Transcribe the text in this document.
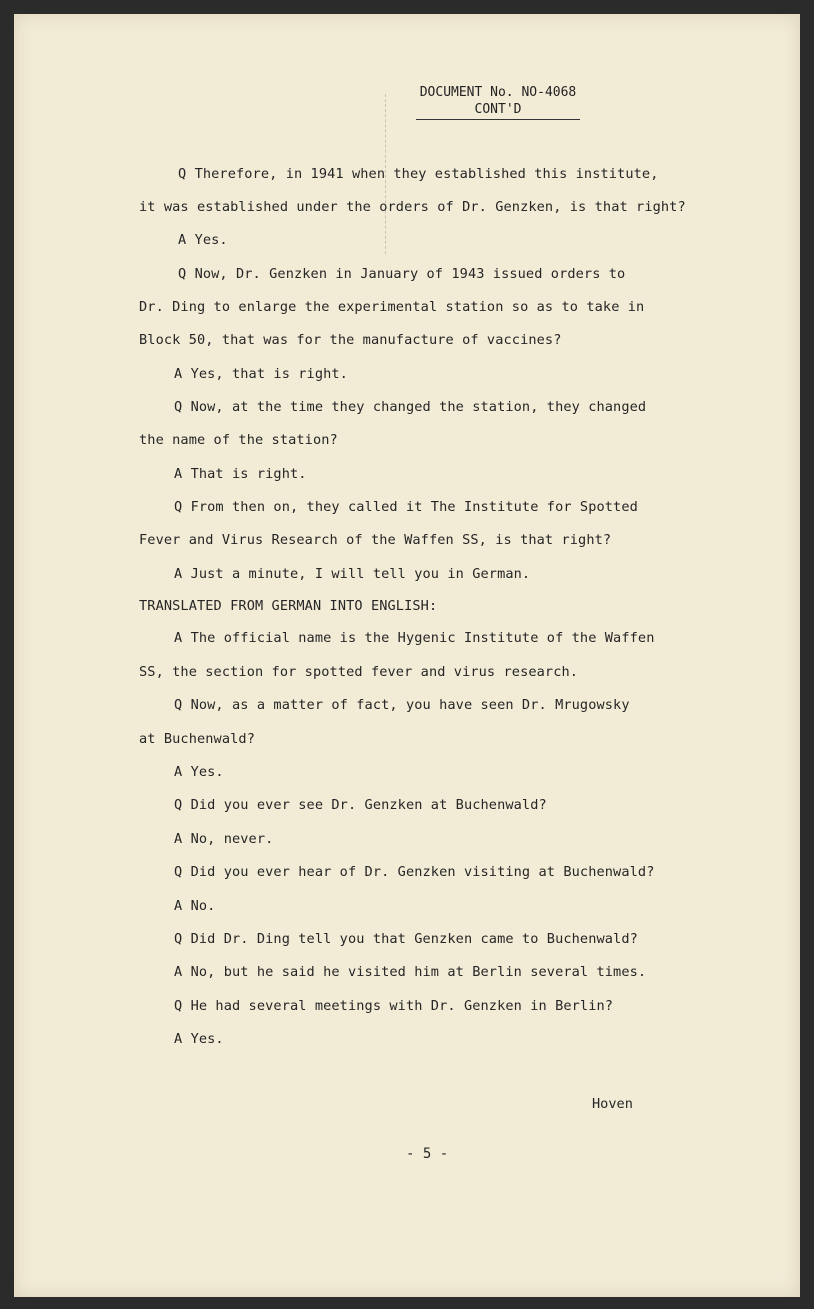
DOCUMENT No. NO-4068
CONT'D
Q Therefore, in 1941 when they established this institute,
it was established under the orders of Dr. Genzken, is that right?
A Yes.
Q Now, Dr. Genzken in January of 1943 issued orders to
Dr. Ding to enlarge the experimental station so as to take in
Block 50, that was for the manufacture of vaccines?
A Yes, that is right.
Q Now, at the time they changed the station, they changed
the name of the station?
A That is right.
Q From then on, they called it The Institute for Spotted
Fever and Virus Research of the Waffen SS, is that right?
A Just a minute, I will tell you in German.
TRANSLATED FROM GERMAN INTO ENGLISH:
A The official name is the Hygenic Institute of the Waffen
SS, the section for spotted fever and virus research.
Q Now, as a matter of fact, you have seen Dr. Mrugowsky
at Buchenwald?
A Yes.
Q Did you ever see Dr. Genzken at Buchenwald?
A No, never.
Q Did you ever hear of Dr. Genzken visiting at Buchenwald?
A No.
Q Did Dr. Ding tell you that Genzken came to Buchenwald?
A No, but he said he visited him at Berlin several times.
Q He had several meetings with Dr. Genzken in Berlin?
A Yes.
Hoven
- 5 -
